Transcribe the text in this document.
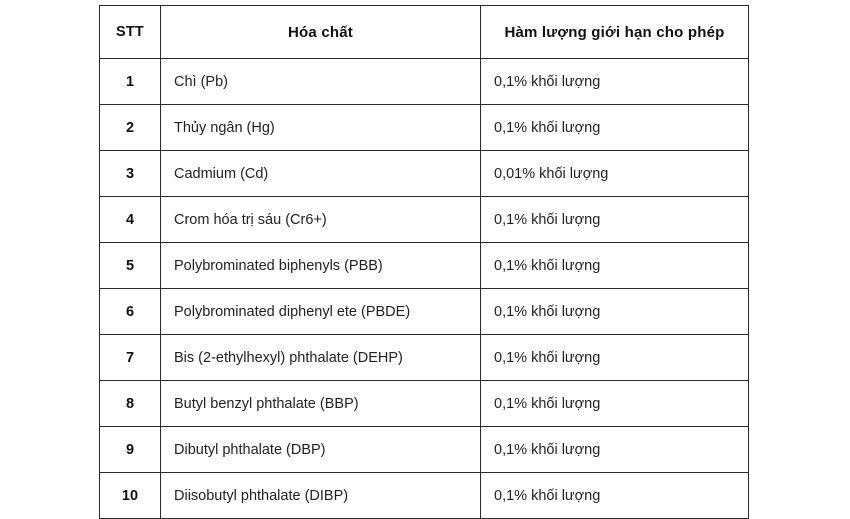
STT	Hóa chất	Hàm lượng giới hạn cho phép
1	Chì (Pb)	0,1% khối lượng
2	Thủy ngân (Hg)	0,1% khối lượng
3	Cadmium (Cd)	0,01% khối lượng
4	Crom hóa trị sáu (Cr6+)	0,1% khối lượng
5	Polybrominated biphenyls (PBB)	0,1% khối lượng
6	Polybrominated diphenyl ete (PBDE)	0,1% khối lượng
7	Bis (2-ethylhexyl) phthalate (DEHP)	0,1% khối lượng
8	Butyl benzyl phthalate (BBP)	0,1% khối lượng
9	Dibutyl phthalate (DBP)	0,1% khối lượng
10	Diisobutyl phthalate (DIBP)	0,1% khối lượng
